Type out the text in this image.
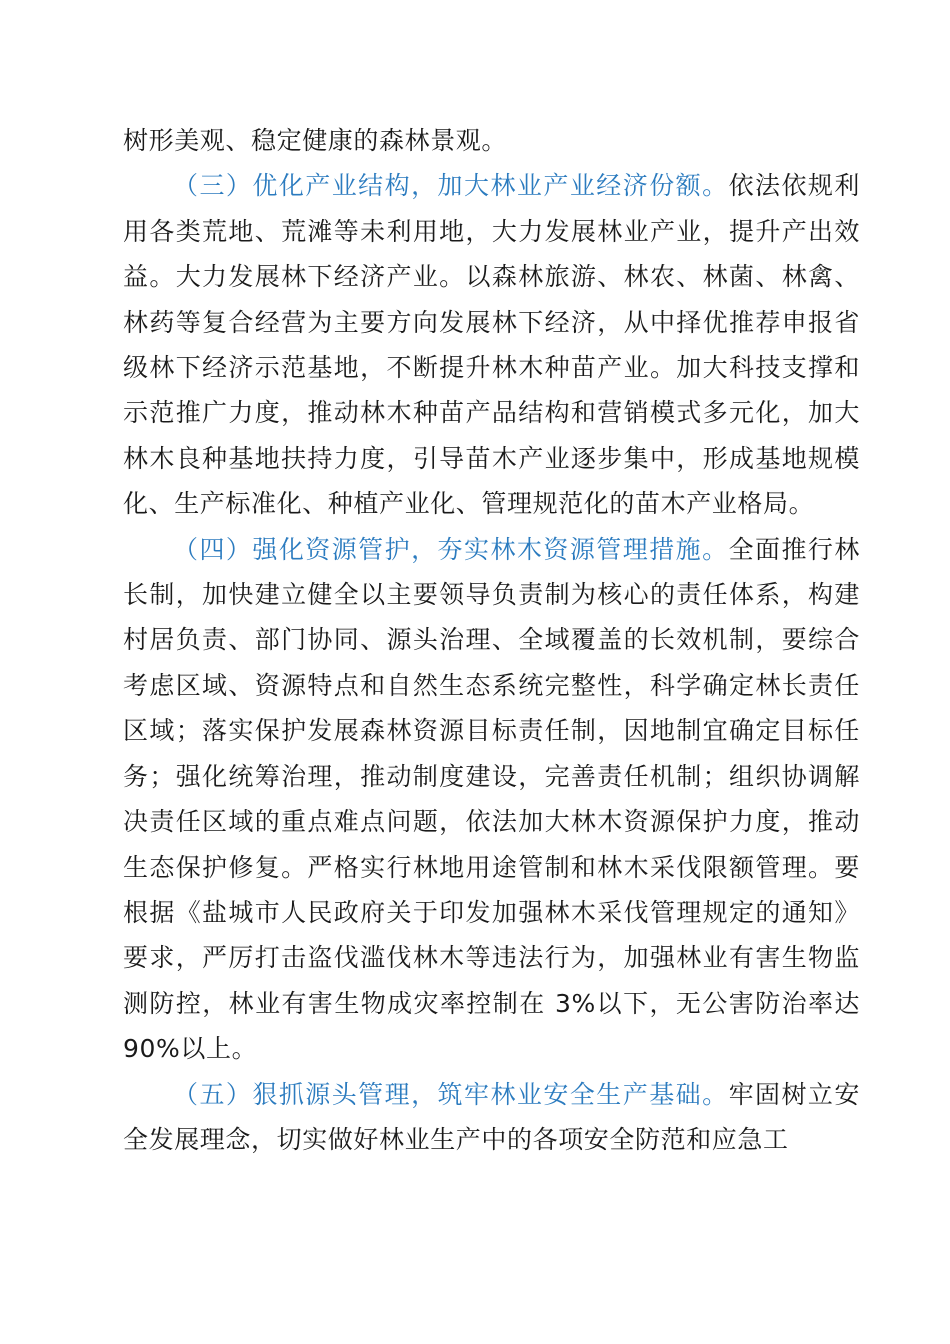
树形美观、稳定健康的森林景观。

（三）优化产业结构，加大林业产业经济份额。依法依规利用各类荒地、荒滩等未利用地，大力发展林业产业，提升产出效益。大力发展林下经济产业。以森林旅游、林农、林菌、林禽、林药等复合经营为主要方向发展林下经济，从中择优推荐申报省级林下经济示范基地，不断提升林木种苗产业。加大科技支撑和示范推广力度，推动林木种苗产品结构和营销模式多元化，加大林木良种基地扶持力度，引导苗木产业逐步集中，形成基地规模化、生产标准化、种植产业化、管理规范化的苗木产业格局。

（四）强化资源管护，夯实林木资源管理措施。全面推行林长制，加快建立健全以主要领导负责制为核心的责任体系，构建村居负责、部门协同、源头治理、全域覆盖的长效机制，要综合考虑区域、资源特点和自然生态系统完整性，科学确定林长责任区域；落实保护发展森林资源目标责任制，因地制宜确定目标任务；强化统筹治理，推动制度建设，完善责任机制；组织协调解决责任区域的重点难点问题，依法加大林木资源保护力度，推动生态保护修复。严格实行林地用途管制和林木采伐限额管理。要根据《盐城市人民政府关于印发加强林木采伐管理规定的通知》要求，严厉打击盗伐滥伐林木等违法行为，加强林业有害生物监测防控，林业有害生物成灾率控制在 3%以下，无公害防治率达 90%以上。

（五）狠抓源头管理，筑牢林业安全生产基础。牢固树立安全发展理念，切实做好林业生产中的各项安全防范和应急工
